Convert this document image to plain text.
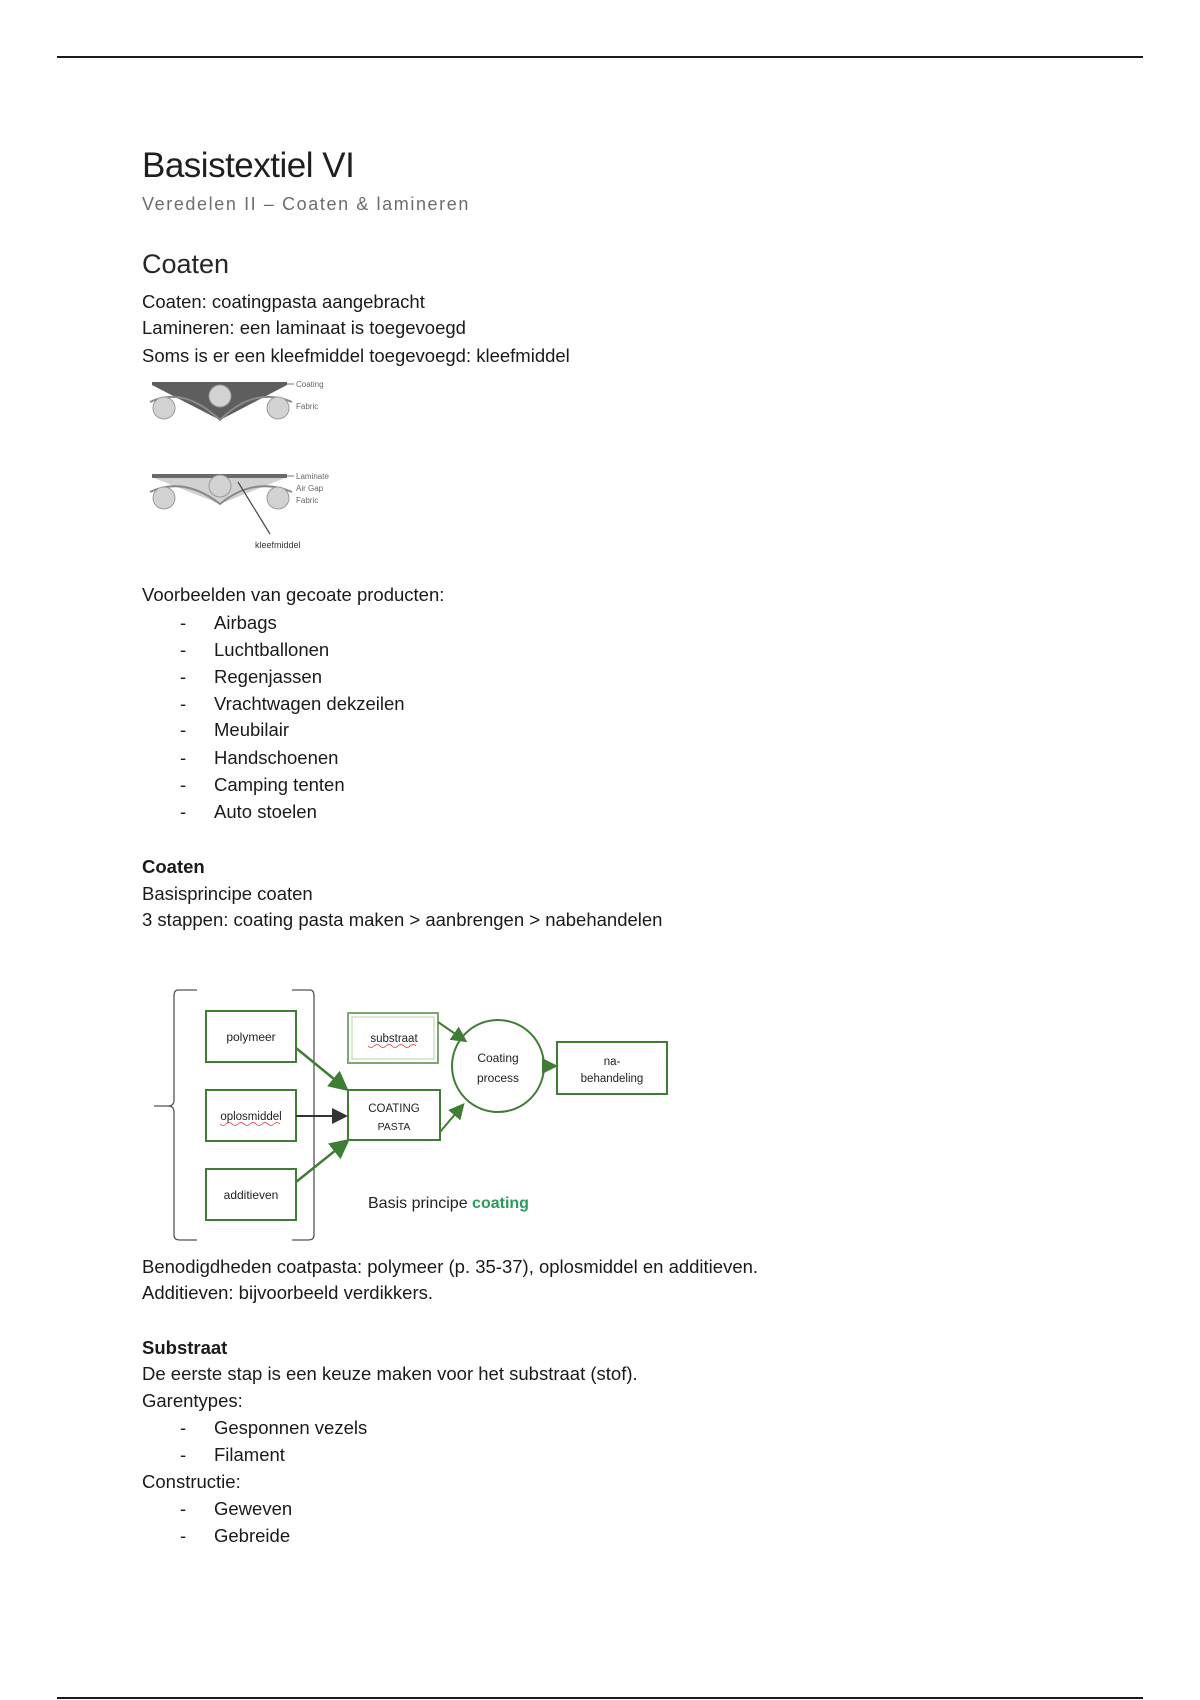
Basistextiel VI
Veredelen II – Coaten & lamineren
Coaten
Coaten: coatingpasta aangebracht
Lamineren: een laminaat is toegevoegd
Soms is er een kleefmiddel toegevoegd: kleefmiddel
Voorbeelden van gecoate producten:
- Airbags
- Luchtballonen
- Regenjassen
- Vrachtwagen dekzeilen
- Meubilair
- Handschoenen
- Camping tenten
- Auto stoelen
Coaten
Basisprincipe coaten
3 stappen: coating pasta maken > aanbrengen > nabehandelen
Benodigdheden coatpasta: polymeer (p. 35-37), oplosmiddel en additieven.
Additieven: bijvoorbeeld verdikkers.
Substraat
De eerste stap is een keuze maken voor het substraat (stof).
Garentypes:
- Gesponnen vezels
- Filament
Constructie:
- Geweven
- Gebreide
Coating
Fabric
Laminate
Air Gap
Fabric
kleefmiddel
polymeer
oplosmiddel
additieven
substraat
COATING
PASTA
Coating
process
na-
behandeling
Basis principe coating
